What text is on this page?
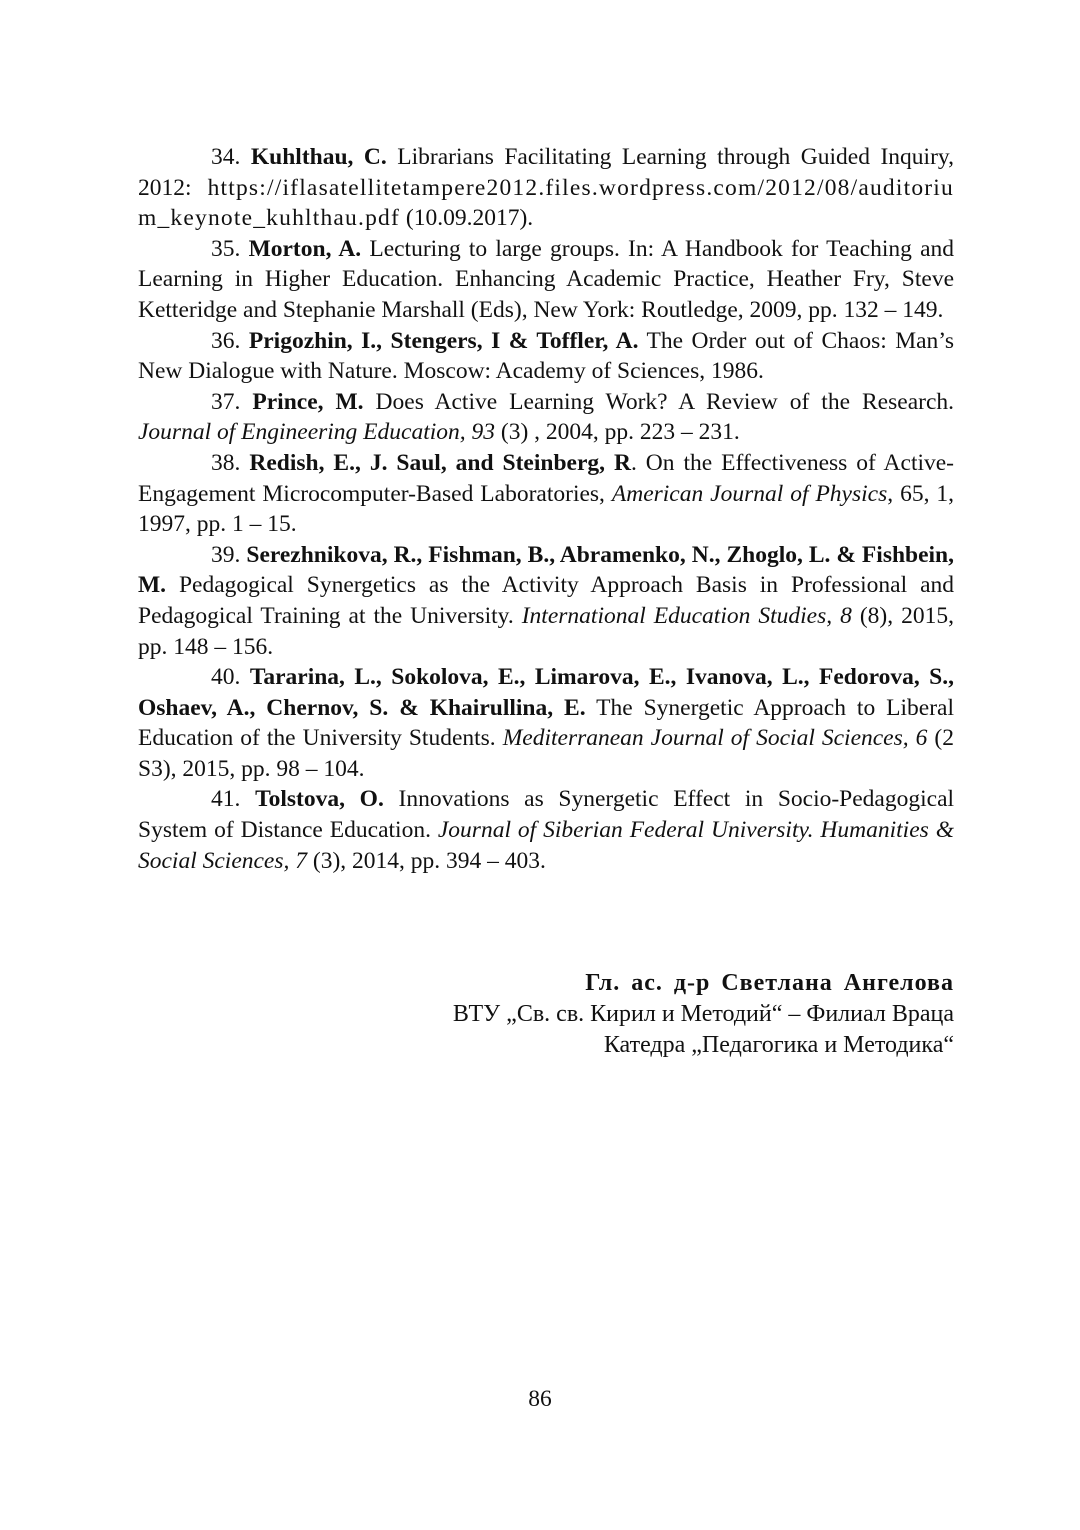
34. Kuhlthau, C. Librarians Facilitating Learning through Guided Inquiry, 2012: https://iflasatellitetampere2012.files.wordpress.com/2012/08/auditorium_keynote_kuhlthau.pdf (10.09.2017).

35. Morton, A. Lecturing to large groups. In: A Handbook for Teaching and Learning in Higher Education. Enhancing Academic Practice, Heather Fry, Steve Ketteridge and Stephanie Marshall (Eds), New York: Routledge, 2009, pp. 132 – 149.

36. Prigozhin, I., Stengers, I & Toffler, A. The Order out of Chaos: Man’s New Dialogue with Nature. Moscow: Academy of Sciences, 1986.

37. Prince, M. Does Active Learning Work? A Review of the Research. Journal of Engineering Education, 93 (3) , 2004, pp. 223 – 231.

38. Redish, E., J. Saul, and Steinberg, R. On the Effectiveness of Active-Engagement Microcomputer-Based Laboratories, American Journal of Physics, 65, 1, 1997, pp. 1 – 15.

39. Serezhnikova, R., Fishman, B., Abramenko, N., Zhoglo, L. & Fishbein, M. Pedagogical Synergetics as the Activity Approach Basis in Professional and Pedagogical Training at the University. International Education Studies, 8 (8), 2015, pp. 148 – 156.

40. Tararina, L., Sokolova, E., Limarova, E., Ivanova, L., Fedorova, S., Oshaev, A., Chernov, S. & Khairullina, E. The Synergetic Approach to Liberal Education of the University Students. Mediterranean Journal of Social Sciences, 6 (2 S3), 2015, pp. 98 – 104.

41. Tolstova, O. Innovations as Synergetic Effect in Socio-Pedagogical System of Distance Education. Journal of Siberian Federal University. Humanities & Social Sciences, 7 (3), 2014, pp. 394 – 403.

Гл. ас. д-р Светлана Ангелова
ВТУ „Св. св. Кирил и Методий“ – Филиал Враца
Катедра „Педагогика и Методика“
86
